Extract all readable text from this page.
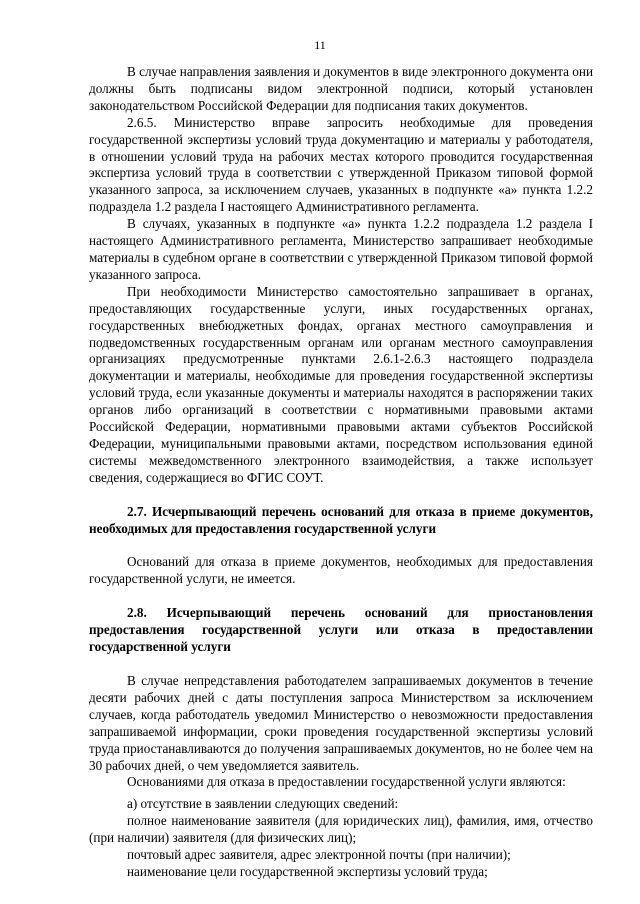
11

В случае направления заявления и документов в виде электронного документа они должны быть подписаны видом электронной подписи, который установлен законодательством Российской Федерации для подписания таких документов.

2.6.5. Министерство вправе запросить необходимые для проведения государственной экспертизы условий труда документацию и материалы у работодателя, в отношении условий труда на рабочих местах которого проводится государственная экспертиза условий труда в соответствии с утвержденной Приказом типовой формой указанного запроса, за исключением случаев, указанных в подпункте «а» пункта 1.2.2 подраздела 1.2 раздела I настоящего Административного регламента.

В случаях, указанных в подпункте «а» пункта 1.2.2 подраздела 1.2 раздела I настоящего Административного регламента, Министерство запрашивает необходимые материалы в судебном органе в соответствии с утвержденной Приказом типовой формой указанного запроса.

При необходимости Министерство самостоятельно запрашивает в органах, предоставляющих государственные услуги, иных государственных органах, государственных внебюджетных фондах, органах местного самоуправления и подведомственных государственным органам или органам местного самоуправления организациях предусмотренные пунктами 2.6.1-2.6.3 настоящего подраздела документации и материалы, необходимые для проведения государственной экспертизы условий труда, если указанные документы и материалы находятся в распоряжении таких органов либо организаций в соответствии с нормативными правовыми актами Российской Федерации, нормативными правовыми актами субъектов Российской Федерации, муниципальными правовыми актами, посредством использования единой системы межведомственного электронного взаимодействия, а также использует сведения, содержащиеся во ФГИС СОУТ.

2.7. Исчерпывающий перечень оснований для отказа в приеме документов, необходимых для предоставления государственной услуги

Оснований для отказа в приеме документов, необходимых для предоставления государственной услуги, не имеется.

2.8. Исчерпывающий перечень оснований для приостановления предоставления государственной услуги или отказа в предоставлении государственной услуги

В случае непредставления работодателем запрашиваемых документов в течение десяти рабочих дней с даты поступления запроса Министерством за исключением случаев, когда работодатель уведомил Министерство о невозможности предоставления запрашиваемой информации, сроки проведения государственной экспертизы условий труда приостанавливаются до получения запрашиваемых документов, но не более чем на 30 рабочих дней, о чем уведомляется заявитель.

Основаниями для отказа в предоставлении государственной услуги являются:

а) отсутствие в заявлении следующих сведений:

полное наименование заявителя (для юридических лиц), фамилия, имя, отчество (при наличии) заявителя (для физических лиц);

почтовый адрес заявителя, адрес электронной почты (при наличии);

наименование цели государственной экспертизы условий труда;
